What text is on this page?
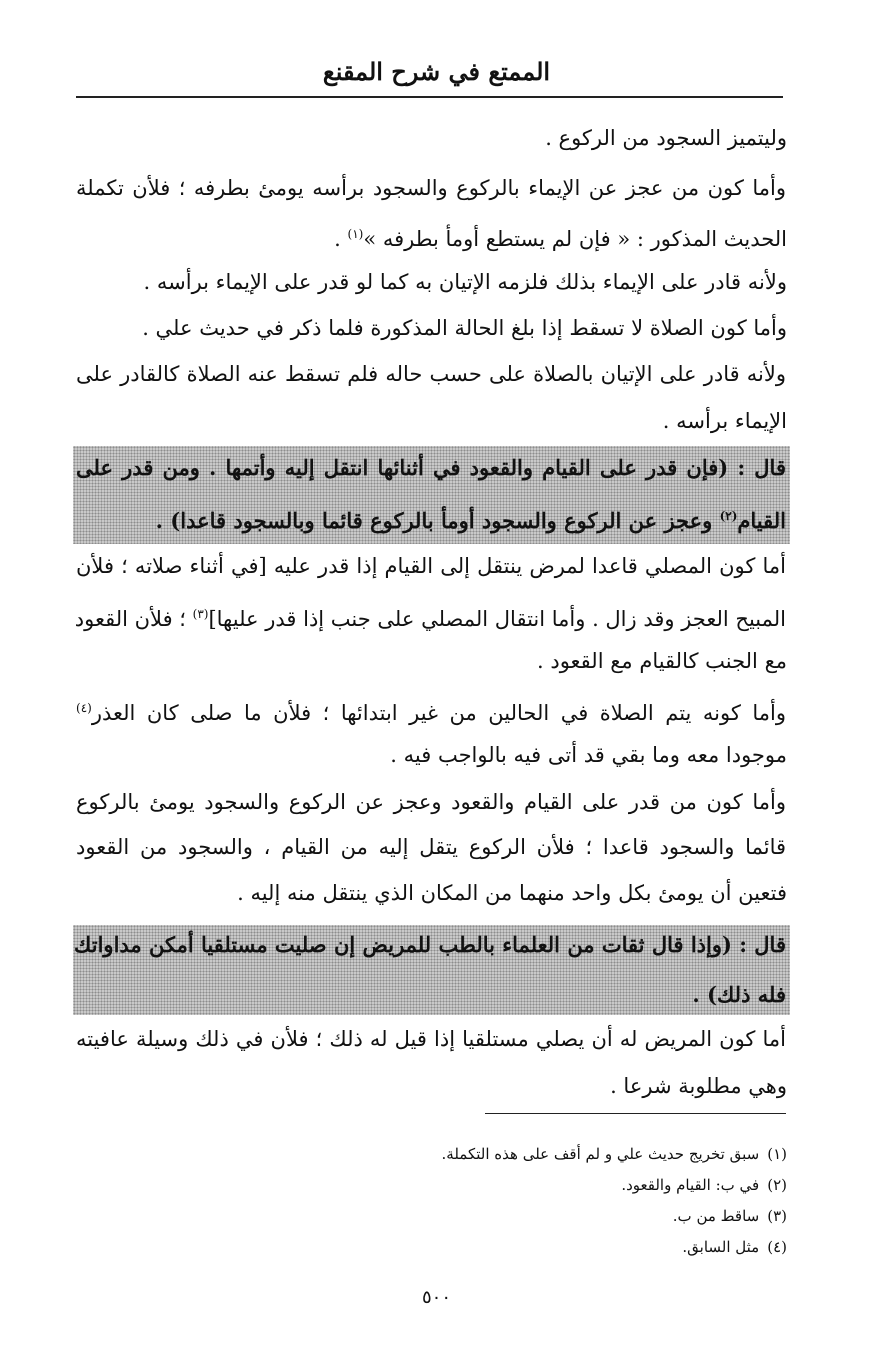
الممتع في شرح المقنع
وليتميز السجود من الركوع .
وأما كون من عجز عن الإيماء بالركوع والسجود برأسه يومئ بطرفه ؛ فلأن تكملة
الحديث المذكور : « فإن لم يستطع أومأ بطرفه »$^{(١)}$ .
ولأنه قادر على الإيماء بذلك فلزمه الإتيان به كما لو قدر على الإيماء برأسه .
وأما كون الصلاة لا تسقط إذا بلغ الحالة المذكورة فلما ذكر في حديث علي .
ولأنه قادر على الإتيان بالصلاة على حسب حاله فلم تسقط عنه الصلاة كالقادر على
الإيماء برأسه .
قال : (فإن قدر على القيام والقعود في أثنائها انتقل إليه وأتمها . ومن قدر على
القيام$^{(٢)}$ وعجز عن الركوع والسجود أومأ بالركوع قائما وبالسجود قاعدا) .
أما كون المصلي قاعدا لمرض ينتقل إلى القيام إذا قدر عليه [في أثناء صلاته ؛ فلأن
المبيح العجز وقد زال . وأما انتقال المصلي على جنب إذا قدر عليها]$^{(٣)}$ ؛ فلأن القعود
مع الجنب كالقيام مع القعود .
وأما كونه يتم الصلاة في الحالين من غير ابتدائها ؛ فلأن ما صلى كان العذر$^{(٤)}$
موجودا معه وما بقي قد أتى فيه بالواجب فيه .
وأما كون من قدر على القيام والقعود وعجز عن الركوع والسجود يومئ بالركوع
قائما والسجود قاعدا ؛ فلأن الركوع يتقل إليه من القيام ، والسجود من القعود
فتعين أن يومئ بكل واحد منهما من المكان الذي ينتقل منه إليه .
قال : (وإذا قال ثقات من العلماء بالطب للمريض إن صليت مستلقيا أمكن مداواتك
فله ذلك) .
أما كون المريض له أن يصلي مستلقيا إذا قيل له ذلك ؛ فلأن في ذلك وسيلة عافيته
وهي مطلوبة شرعا .
(١)سبق تخريج حديث علي و لم أقف على هذه التكملة.
(٢)في ب: القيام والقعود.
(٣)ساقط من ب.
(٤)مثل السابق.
٥٠٠
